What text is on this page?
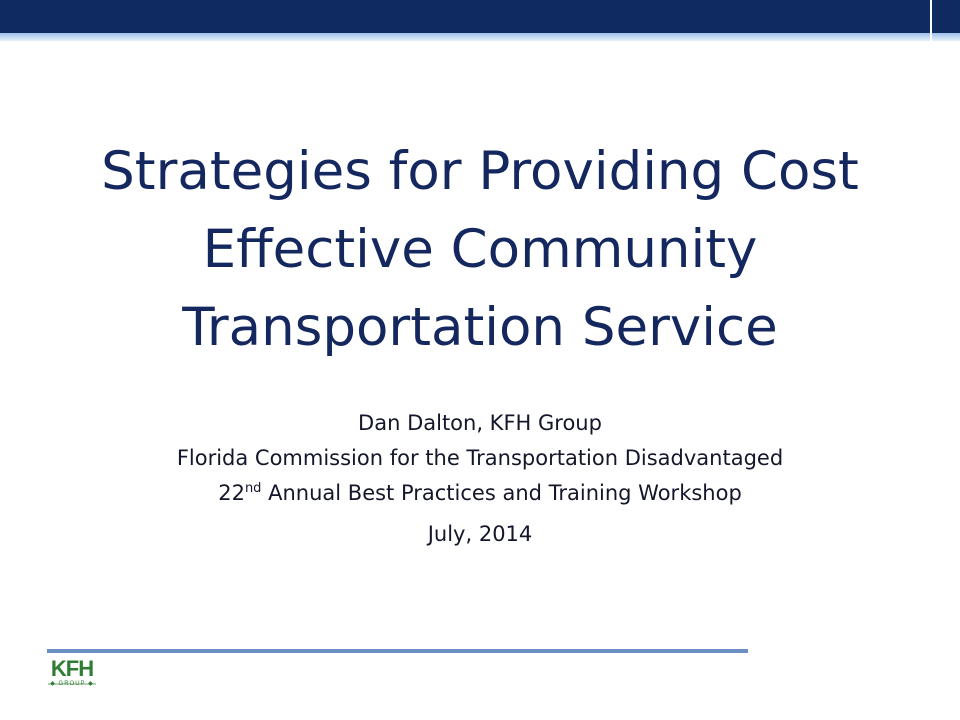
Strategies for Providing Cost
Effective Community
Transportation Service
Dan Dalton, KFH Group
Florida Commission for the Transportation Disadvantaged
22nd Annual Best Practices and Training Workshop
July, 2014
KFH
◆ GROUP ◆
